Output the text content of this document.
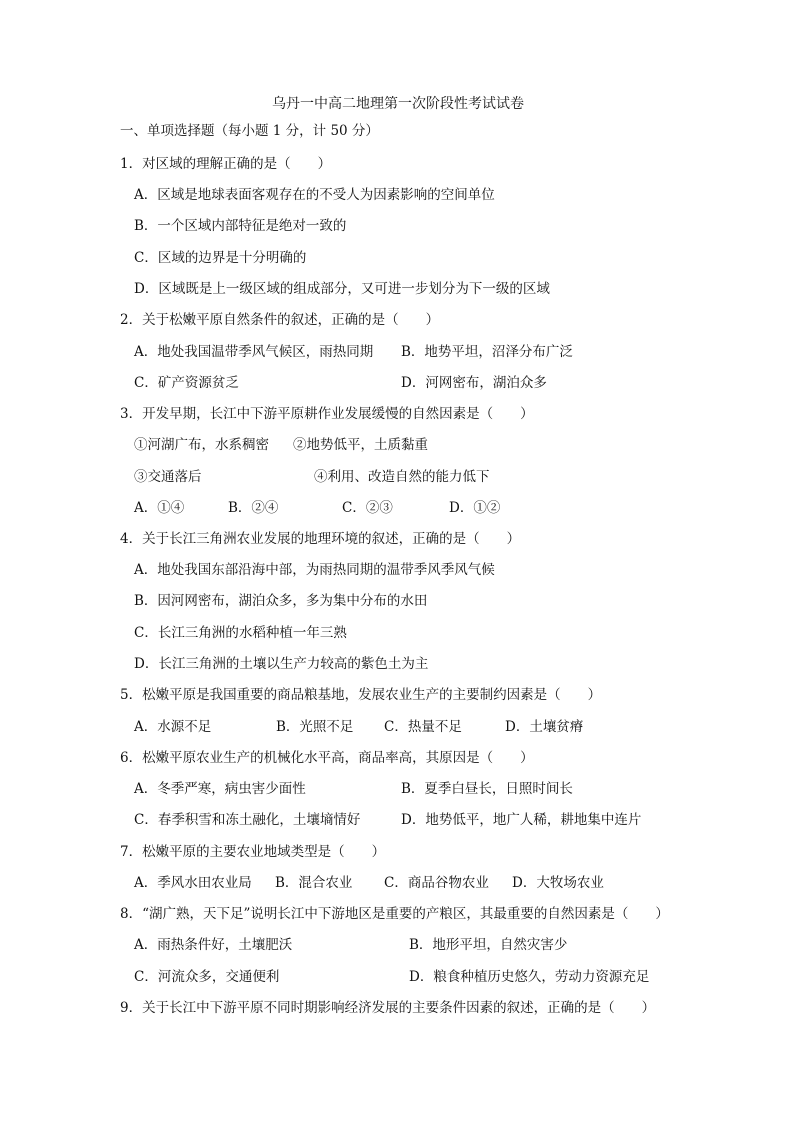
乌丹一中高二地理第一次阶段性考试试卷
一、单项选择题（每小题 1 分，计 50 分）
1．对区域的理解正确的是（　　）
A．区域是地球表面客观存在的不受人为因素影响的空间单位
B．一个区域内部特征是绝对一致的
C．区域的边界是十分明确的
D．区域既是上一级区域的组成部分，又可进一步划分为下一级的区域
2．关于松嫩平原自然条件的叙述，正确的是（　　）
A．地处我国温带季风气候区，雨热同期 B．地势平坦，沼泽分布广泛
C．矿产资源贫乏	D．河网密布，湖泊众多
3．开发早期，长江中下游平原耕作业发展缓慢的自然因素是（　　）
①河湖广布，水系稠密 ②地势低平，土质黏重
③交通落后	④利用、改造自然的能力低下
A．①④	B．②④	C．②③	D．①②
4．关于长江三角洲农业发展的地理环境的叙述，正确的是（　　）
A．地处我国东部沿海中部，为雨热同期的温带季风季风气候
B．因河网密布，湖泊众多，多为集中分布的水田
C．长江三角洲的水稻种植一年三熟
D．长江三角洲的土壤以生产力较高的紫色土为主
5．松嫩平原是我国重要的商品粮基地，发展农业生产的主要制约因素是（　　）
A．水源不足	B．光照不足 C．热量不足	D．土壤贫瘠
6．松嫩平原农业生产的机械化水平高，商品率高，其原因是（　　）
A．冬季严寒，病虫害少面性	B．夏季白昼长，日照时间长
C．春季积雪和冻土融化，土壤墒情好	D．地势低平，地广人稀，耕地集中连片
7．松嫩平原的主要农业地域类型是（　　）
A．季风水田农业局 B．混合农业 C．商品谷物农业 D．大牧场农业
8．“湖广熟，天下足”说明长江中下游地区是重要的产粮区，其最重要的自然因素是（　　）
A．雨热条件好，土壤肥沃	B．地形平坦，自然灾害少
C．河流众多，交通便利	D．粮食种植历史悠久，劳动力资源充足
9．关于长江中下游平原不同时期影响经济发展的主要条件因素的叙述，正确的是（　　）
